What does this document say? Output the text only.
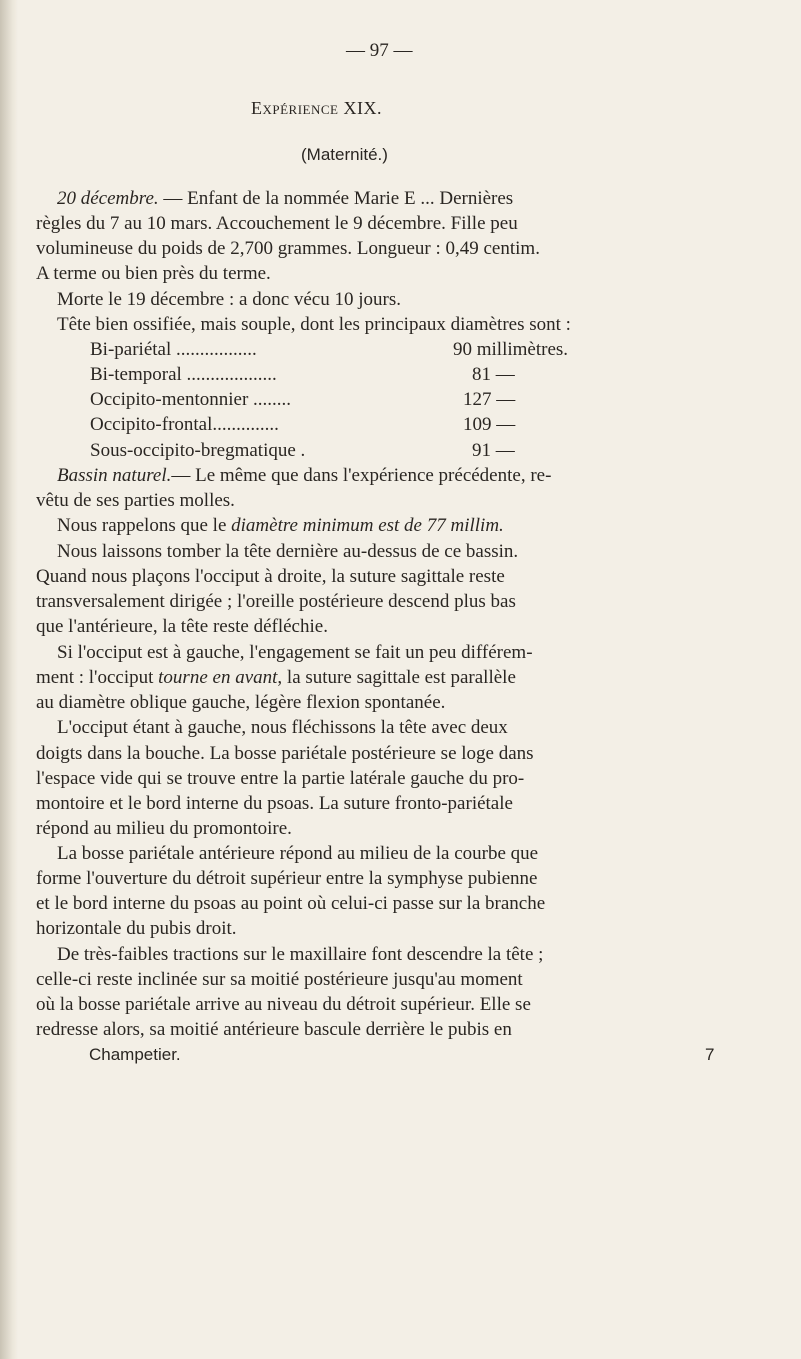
— 97 —
EXPÉRIENCE XIX.
(Maternité.)
20 décembre. — Enfant de la nommée Marie E ... Dernières
règles du 7 au 10 mars. Accouchement le 9 décembre. Fille peu
volumineuse du poids de 2,700 grammes. Longueur : 0,49 centim.
A terme ou bien près du terme.
Morte le 19 décembre : a donc vécu 10 jours.
Tête bien ossifiée, mais souple, dont les principaux diamètres sont :
Bi-pariétal .................	90 millimètres.
Bi-temporal ...................	81 —
Occipito-mentonnier ........	127 —
Occipito-frontal..............	109 —
Sous-occipito-bregmatique .	91 —
Bassin naturel.— Le même que dans l'expérience précédente, re-
vêtu de ses parties molles.
Nous rappelons que le diamètre minimum est de 77 millim.
Nous laissons tomber la tête dernière au-dessus de ce bassin.
Quand nous plaçons l'occiput à droite, la suture sagittale reste
transversalement dirigée ; l'oreille postérieure descend plus bas
que l'antérieure, la tête reste défléchie.
Si l'occiput est à gauche, l'engagement se fait un peu différem-
ment : l'occiput tourne en avant, la suture sagittale est parallèle
au diamètre oblique gauche, légère flexion spontanée.
L'occiput étant à gauche, nous fléchissons la tête avec deux
doigts dans la bouche. La bosse pariétale postérieure se loge dans
l'espace vide qui se trouve entre la partie latérale gauche du pro-
montoire et le bord interne du psoas. La suture fronto-pariétale
répond au milieu du promontoire.
La bosse pariétale antérieure répond au milieu de la courbe que
forme l'ouverture du détroit supérieur entre la symphyse pubienne
et le bord interne du psoas au point où celui-ci passe sur la branche
horizontale du pubis droit.
De très-faibles tractions sur le maxillaire font descendre la tête ;
celle-ci reste inclinée sur sa moitié postérieure jusqu'au moment
où la bosse pariétale arrive au niveau du détroit supérieur. Elle se
redresse alors, sa moitié antérieure bascule derrière le pubis en
Champetier.	7
